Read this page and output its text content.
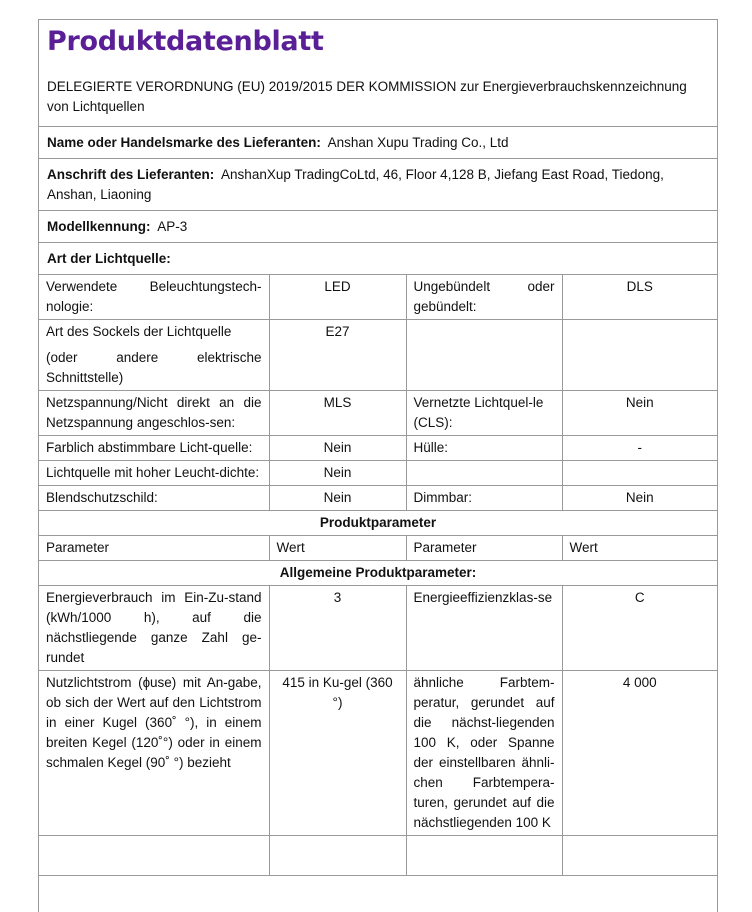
Produktdatenblatt
DELEGIERTE VERORDNUNG (EU) 2019/2015 DER KOMMISSION zur Energieverbrauchskennzeichnung von Lichtquellen
Name oder Handelsmarke des Lieferanten: Anshan Xupu Trading Co., Ltd
Anschrift des Lieferanten: AnshanXup TradingCoLtd, 46, Floor 4,128 B, Jiefang East Road, Tiedong, Anshan, Liaoning
Modellkennung: AP-3
Art der Lichtquelle:
Verwendete Beleuchtungstech-nologie:	LED	Ungebündelt oder gebündelt:	DLS

Art des Sockels der Lichtquelle
(oder andere elektrische Schnittstelle)	E27		
Netzspannung/Nicht direkt an die Netzspannung angeschlos-sen:	MLS	Vernetzte Lichtquel-le (CLS):	Nein
Farblich abstimmbare Licht-quelle:	Nein	Hülle:	-
Lichtquelle mit hoher Leucht-dichte:	Nein		
Blendschutzschild:	Nein	Dimmbar:	Nein
Produktparameter			
Parameter	Wert	Parameter	Wert
Allgemeine Produktparameter:			
Energieverbrauch im Ein-Zu-stand (kWh/1000 h), auf die nächstliegende ganze Zahl ge-rundet	3	Energieeffizienzklas-se	C
Nutzlichtstrom (ɸuse) mit An-gabe, ob sich der Wert auf den Lichtstrom in einer Kugel (360˚ °), in einem breiten Kegel (120˚°) oder in einem schmalen Kegel (90˚ °) bezieht	415 in Ku-gel (360 °)	ähnliche Farbtem-peratur, gerundet auf die nächst-liegenden 100 K, oder Spanne der einstellbaren ähnli-chen Farbtempera-turen, gerundet auf die nächstliegenden 100 K	4 000
